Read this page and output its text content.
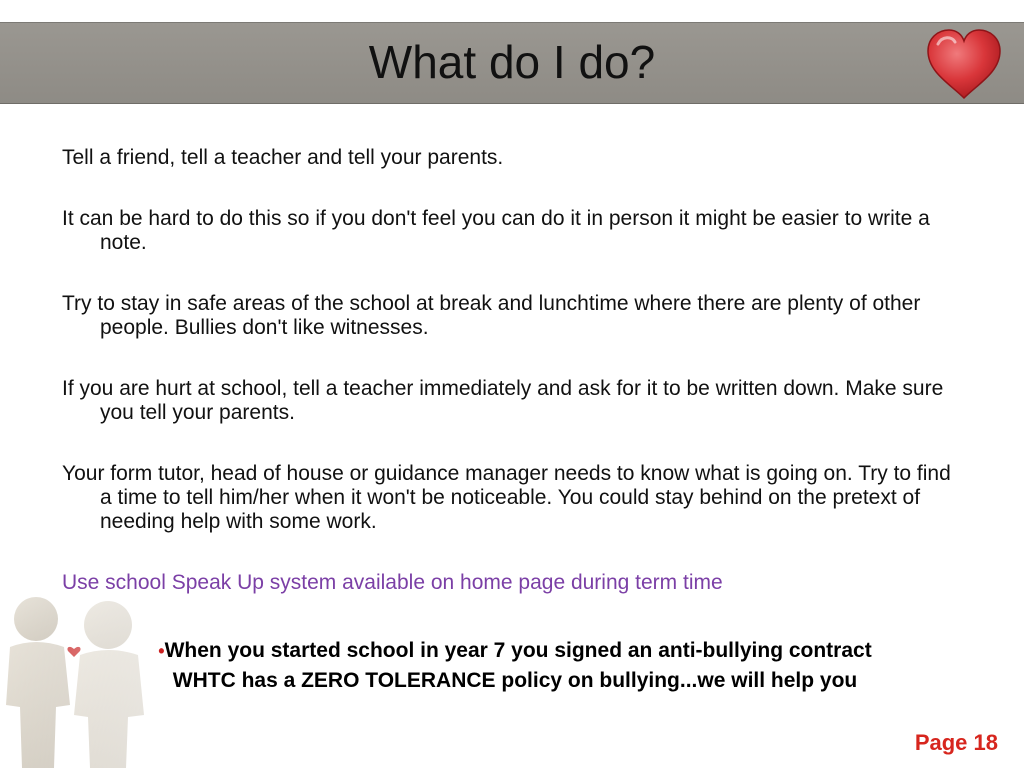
What do I do?

Tell a friend, tell a teacher and tell your parents.

It can be hard to do this so if you don't feel you can do it in person it might be easier to write a note.

Try to stay in safe areas of the school at break and lunchtime where there are plenty of other people. Bullies don't like witnesses.

If you are hurt at school, tell a teacher immediately and ask for it to be written down. Make sure you tell your parents.

Your form tutor, head of house or guidance manager needs to know what is going on. Try to find a time to tell him/her when it won't be noticeable. You could stay behind on the pretext of needing help with some work.

Use school Speak Up system available on home page during term time

•When you started school in year 7 you signed an anti-bullying contract
WHTC has a ZERO TOLERANCE policy on bullying...we will help you
Page 18
